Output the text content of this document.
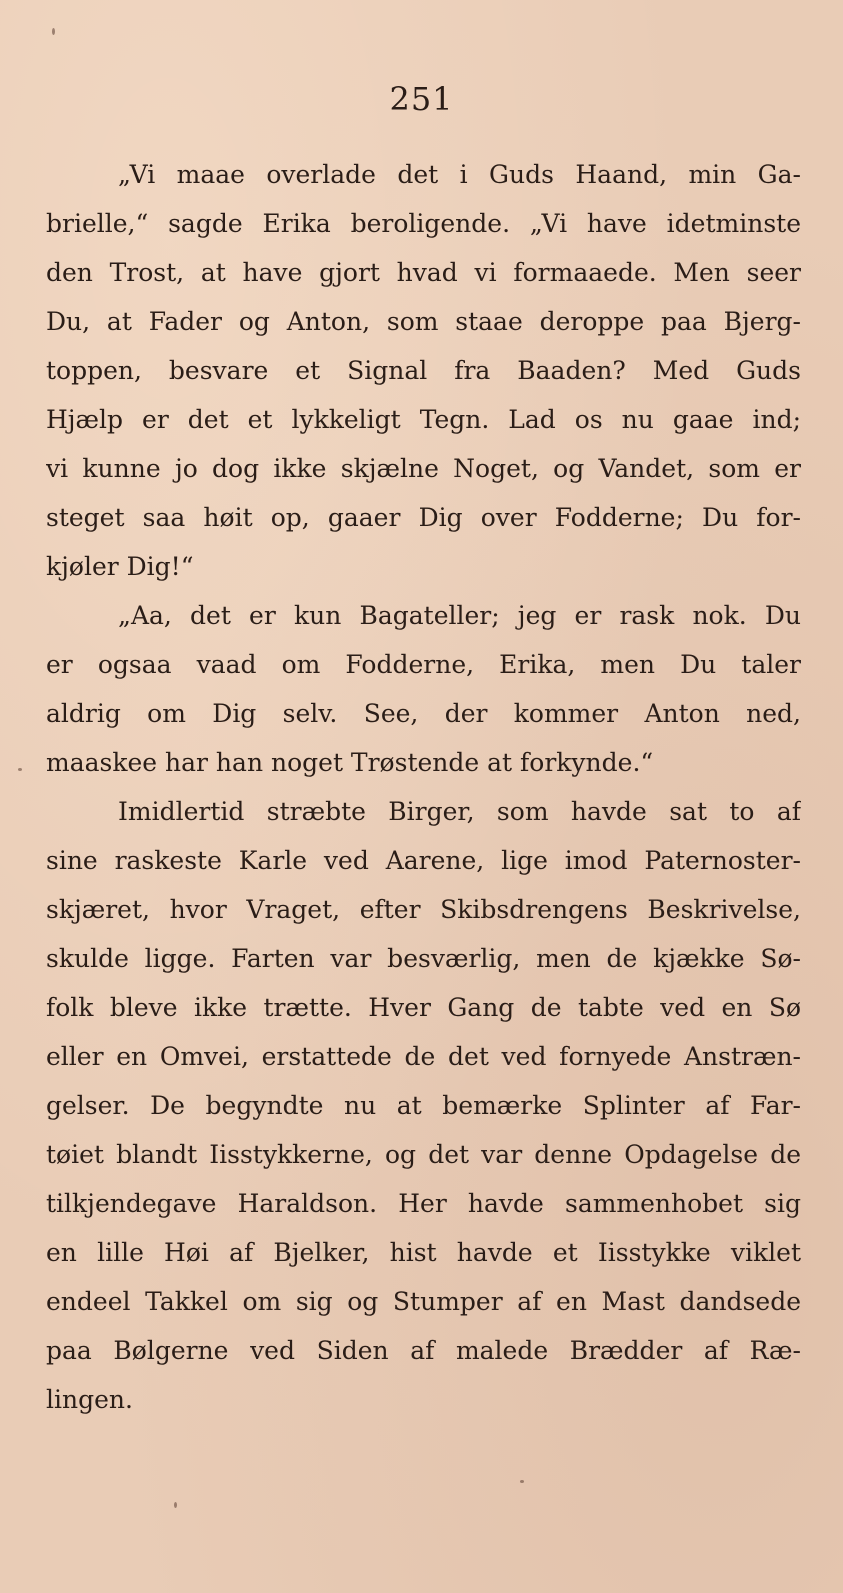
251
„Vi maae overlade det i Guds Haand, min Ga-
brielle,“ sagde Erika beroligende. „Vi have idetminste
den Trost, at have gjort hvad vi formaaede. Men seer
Du, at Fader og Anton, som staae deroppe paa Bjerg-
toppen, besvare et Signal fra Baaden? Med Guds
Hjælp er det et lykkeligt Tegn. Lad os nu gaae ind;
vi kunne jo dog ikke skjælne Noget, og Vandet, som er
steget saa høit op, gaaer Dig over Fodderne; Du for-
kjøler Dig!“
„Aa, det er kun Bagateller; jeg er rask nok. Du
er ogsaa vaad om Fodderne, Erika, men Du taler
aldrig om Dig selv. See, der kommer Anton ned,
maaskee har han noget Trøstende at forkynde.“
Imidlertid stræbte Birger, som havde sat to af
sine raskeste Karle ved Aarene, lige imod Paternoster-
skjæret, hvor Vraget, efter Skibsdrengens Beskrivelse,
skulde ligge. Farten var besværlig, men de kjække Sø-
folk bleve ikke trætte. Hver Gang de tabte ved en Sø
eller en Omvei, erstattede de det ved fornyede Anstræn-
gelser. De begyndte nu at bemærke Splinter af Far-
tøiet blandt Iisstykkerne, og det var denne Opdagelse de
tilkjendegave Haraldson. Her havde sammenhobet sig
en lille Høi af Bjelker, hist havde et Iisstykke viklet
endeel Takkel om sig og Stumper af en Mast dandsede
paa Bølgerne ved Siden af malede Brædder af Ræ-
lingen.
